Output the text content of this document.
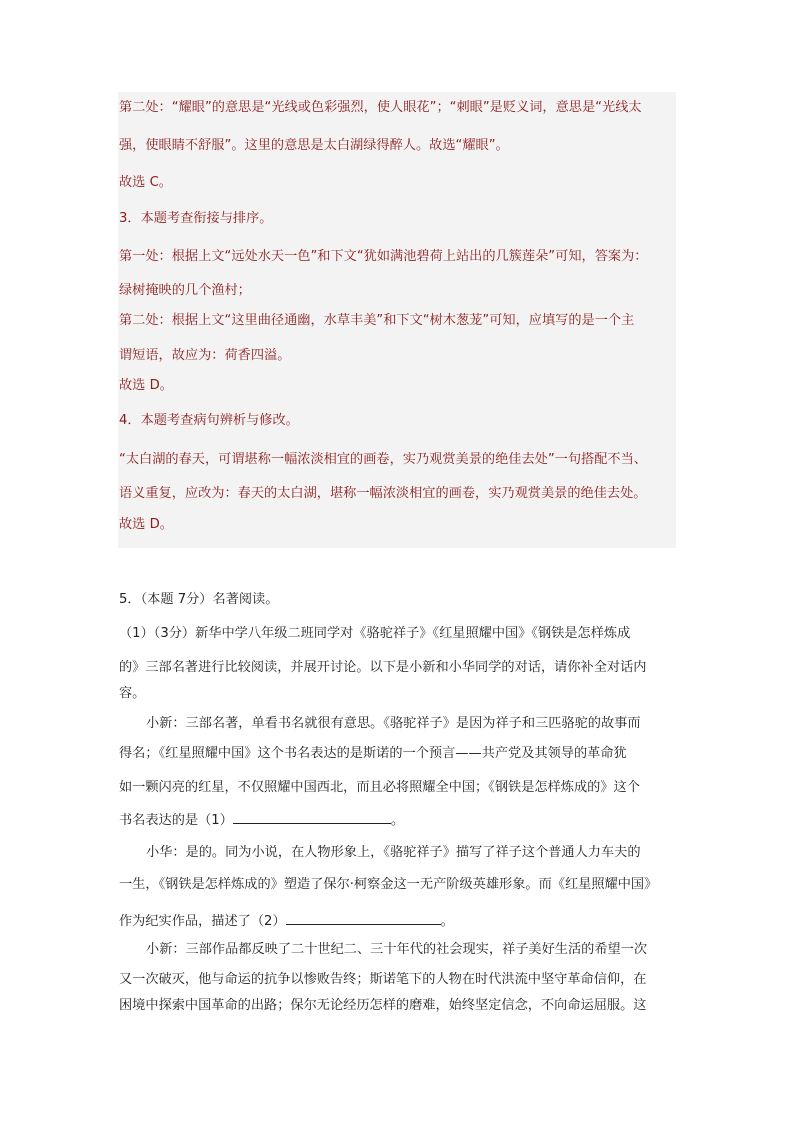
第二处：“耀眼”的意思是“光线或色彩强烈，使人眼花”；“刺眼”是贬义词，意思是“光线太
强，使眼睛不舒服”。这里的意思是太白湖绿得醉人。故选“耀眼”。
故选 C。
3．本题考查衔接与排序。
第一处：根据上文“远处水天一色”和下文“犹如满池碧荷上站出的几簇莲朵”可知，答案为：
绿树掩映的几个渔村；
第二处：根据上文“这里曲径通幽，水草丰美”和下文“树木葱茏”可知，应填写的是一个主
谓短语，故应为：荷香四溢。
故选 D。
4．本题考查病句辨析与修改。
“太白湖的春天，可谓堪称一幅浓淡相宜的画卷，实乃观赏美景的绝佳去处”一句搭配不当、
语义重复，应改为：春天的太白湖，堪称一幅浓淡相宜的画卷，实乃观赏美景的绝佳去处。
故选 D。
5．（本题 7分）名著阅读。
（1）（3分）新华中学八年级二班同学对《骆驼祥子》《红星照耀中国》《钢铁是怎样炼成
的》三部名著进行比较阅读，并展开讨论。以下是小新和小华同学的对话，请你补全对话内
容。
小新：三部名著，单看书名就很有意思。《骆驼祥子》是因为祥子和三匹骆驼的故事而
得名；《红星照耀中国》这个书名表达的是斯诺的一个预言——共产党及其领导的革命犹
如一颗闪亮的红星，不仅照耀中国西北，而且必将照耀全中国；《钢铁是怎样炼成的》这个
书名表达的是（1）	。
小华：是的。同为小说，在人物形象上，《骆驼祥子》描写了祥子这个普通人力车夫的
一生，《钢铁是怎样炼成的》塑造了保尔·柯察金这一无产阶级英雄形象。而《红星照耀中国》
作为纪实作品，描述了（2）	。
小新：三部作品都反映了二十世纪二、三十年代的社会现实，祥子美好生活的希望一次
又一次破灭，他与命运的抗争以惨败告终；斯诺笔下的人物在时代洪流中坚守革命信仰，在
困境中探索中国革命的出路；保尔无论经历怎样的磨难，始终坚定信念，不向命运屈服。这
